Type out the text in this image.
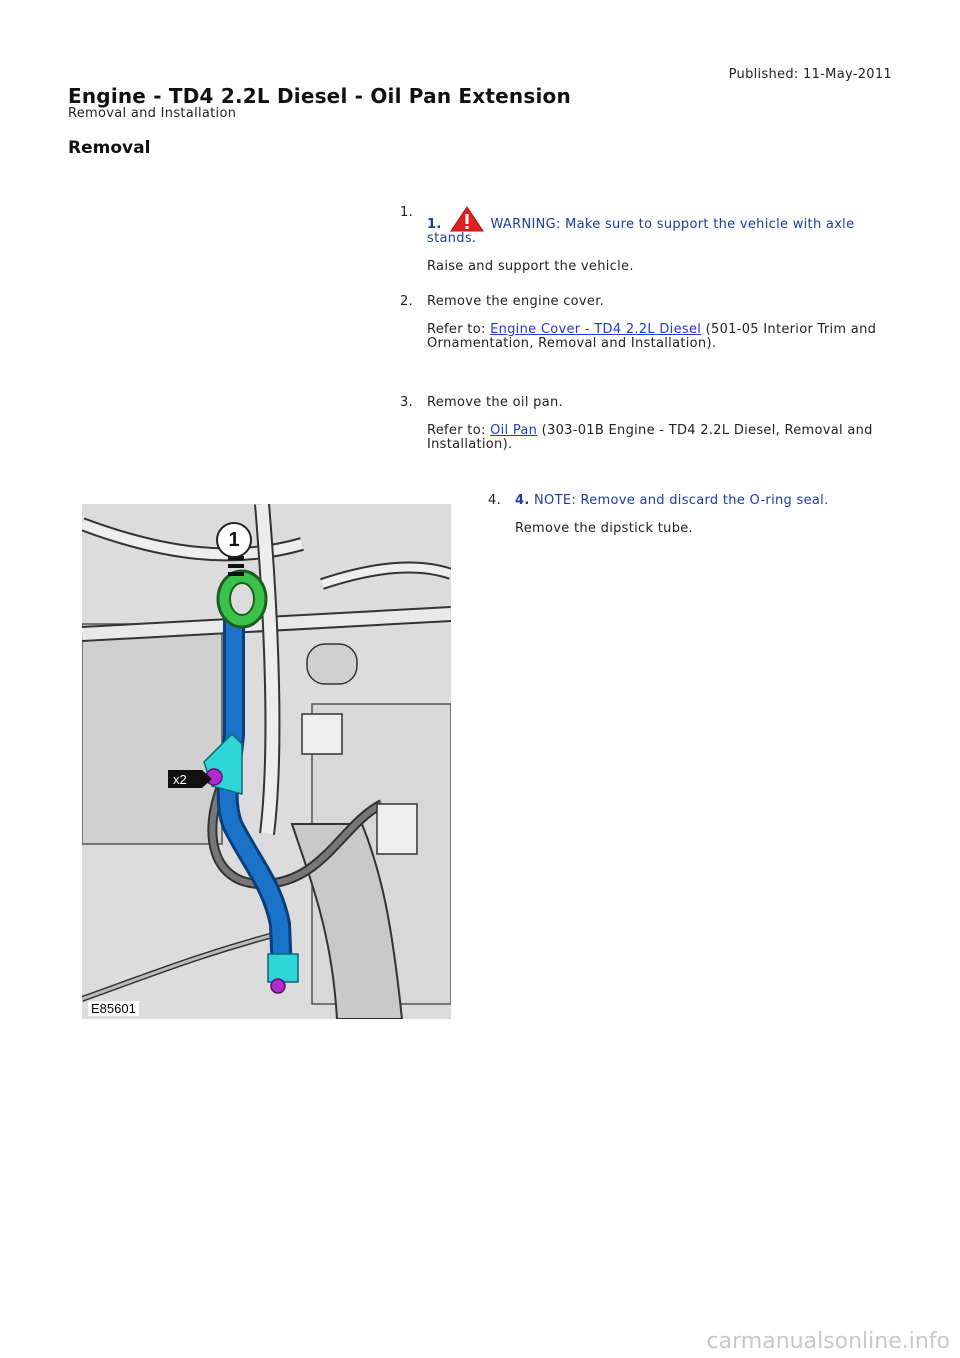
Published: 11-May-2011
Engine - TD4 2.2L Diesel - Oil Pan Extension
Removal and Installation
Removal
1.
1.	WARNING: Make sure to support the vehicle with axle stands.
Raise and support the vehicle.
2. Remove the engine cover.
Refer to: Engine Cover - TD4 2.2L Diesel (501-05 Interior Trim and Ornamentation, Removal and Installation).
3. Remove the oil pan.
Refer to: Oil Pan (303-01B Engine - TD4 2.2L Diesel, Removal and Installation).
4. 4. NOTE: Remove and discard the O-ring seal.
Remove the dipstick tube.
1
x2
E85601
carmanualsonline.info
